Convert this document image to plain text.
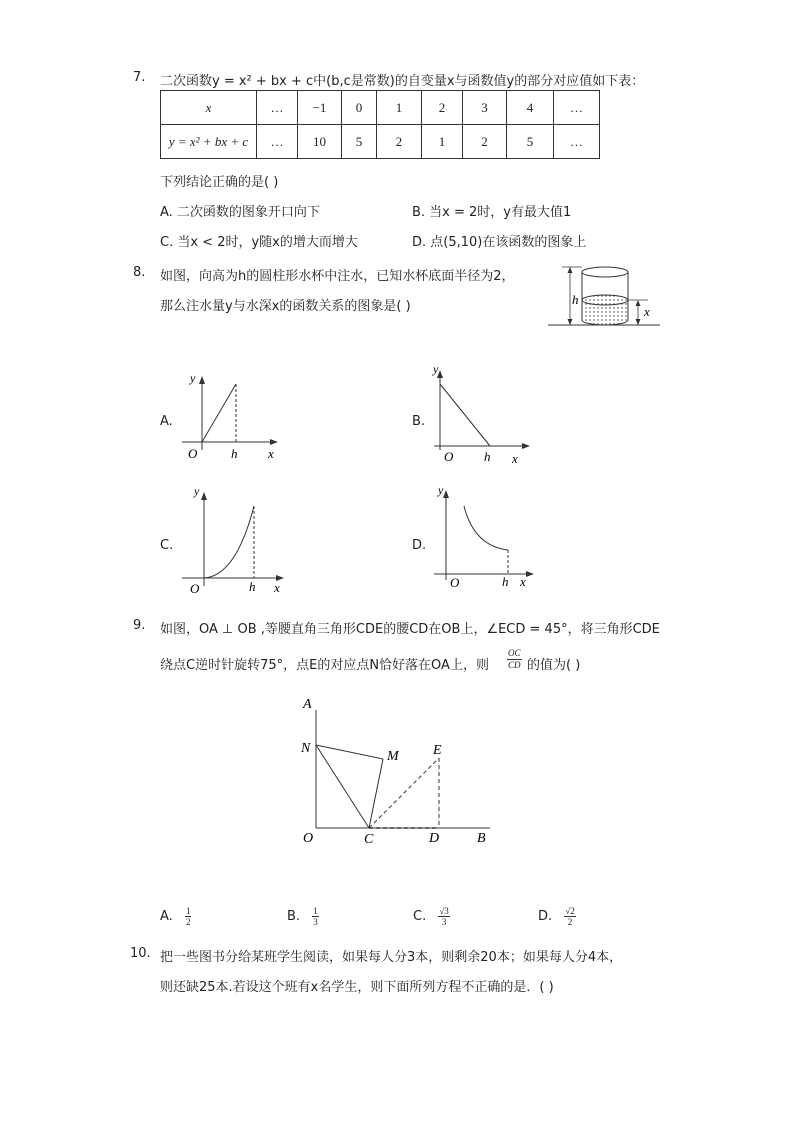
7. 二次函数y = x² + bx + c中(b,c是常数)的自变量x与函数值y的部分对应值如下表：
x	…	−1	0	1	2	3	4	…
y = x² + bx + c	…	10	5	2	1	2	5	…
下列结论正确的是( )
A. 二次函数的图象开口向下	B. 当x = 2时，y有最大值1
C. 当x < 2时，y随x的增大而增大	D. 点(5,10)在该函数的图象上
8. 如图，向高为h的圆柱形水杯中注水，已知水杯底面半径为2，
那么注水量y与水深x的函数关系的图象是( )	h
x
A.
y
O	h x
B.
y
O h x
C.
y
O	h x
D.
y
O	h x
9. 如图，OA ⊥ OB ,等腰直角三角形CDE的腰CD在OB上，∠ECD = 45°，将三角形CDE
绕点C逆时针旋转75°，点E的对应点N恰好落在OA上，则 $\frac{OC}{CD}$ 的值为( )
A
N
M E
O	C	D	B
A. $\frac{1}{2}$	B. $\frac{1}{3}$	C. $\frac{√3}{3}$	D. $\frac{√2}{2}$
10. 把一些图书分给某班学生阅读，如果每人分3本，则剩余20本；如果每人分4本，
则还缺25本.若设这个班有x名学生，则下面所列方程不正确的是．( )
